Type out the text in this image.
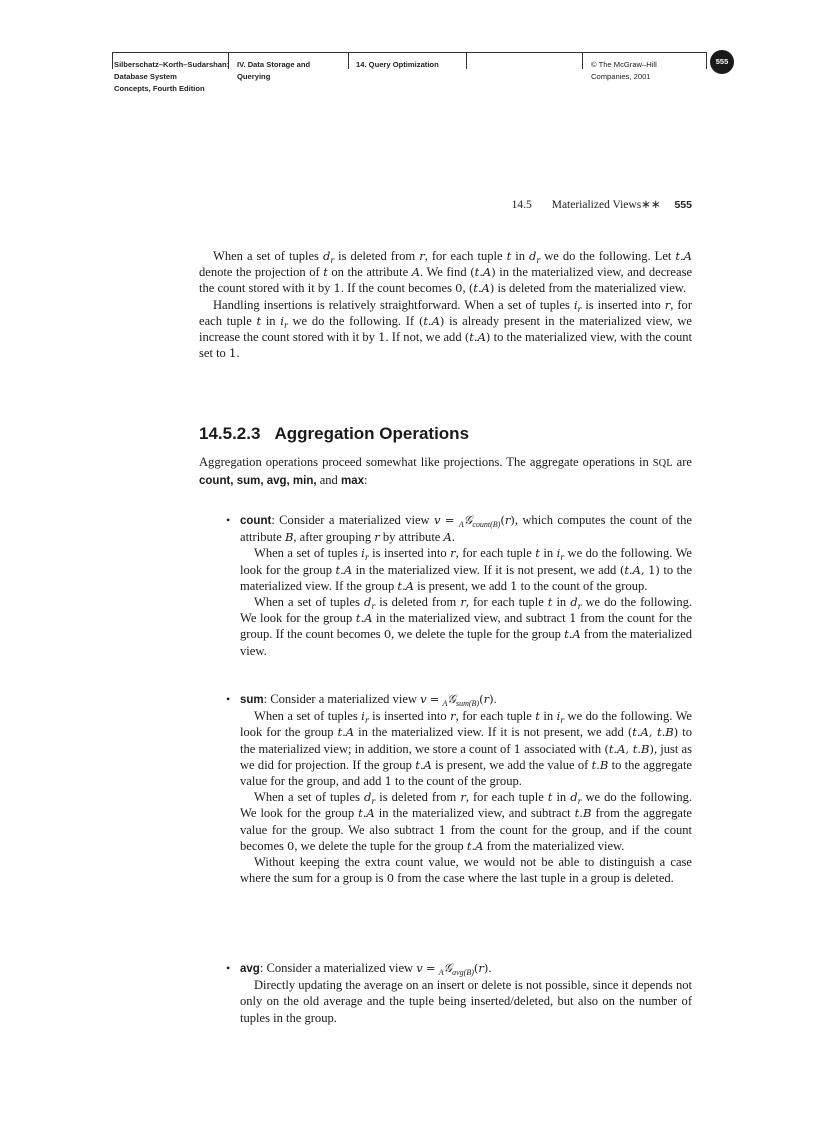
Silberschatz–Korth–Sudarshan:
Database System
Concepts, Fourth Edition
IV. Data Storage and
Querying
14. Query Optimization	© The McGraw–Hill
Companies, 2001
555
14.5 Materialized Views∗∗ 555

When a set of tuples $d_r$ is deleted from r, for each tuple t in $d_r$ we do the following. Let t.A denote the projection of t on the attribute A. We find (t.A) in the materialized view, and decrease the count stored with it by 1. If the count becomes 0, (t.A) is deleted from the materialized view.

Handling insertions is relatively straightforward. When a set of tuples $i_r$ is inserted into r, for each tuple t in $i_r$ we do the following. If (t.A) is already present in the materialized view, we increase the count stored with it by 1. If not, we add (t.A) to the materialized view, with the count set to 1.

14.5.2.3 Aggregation Operations
Aggregation operations proceed somewhat like projections. The aggregate operations in SQL are count, sum, avg, min, and max:
• count: Consider a materialized view v = $_A$𝒢$_{count(B)}$(r), which computes the count of the attribute B, after grouping r by attribute A.

When a set of tuples $i_r$ is inserted into r, for each tuple t in $i_r$ we do the following. We look for the group t.A in the materialized view. If it is not present, we add (t.A, 1) to the materialized view. If the group t.A is present, we add 1 to the count of the group.

When a set of tuples $d_r$ is deleted from r, for each tuple t in $d_r$ we do the following. We look for the group t.A in the materialized view, and subtract 1 from the count for the group. If the count becomes 0, we delete the tuple for the group t.A from the materialized view.

• sum: Consider a materialized view v = $_A$𝒢$_{sum(B)}$(r).

When a set of tuples $i_r$ is inserted into r, for each tuple t in $i_r$ we do the following. We look for the group t.A in the materialized view. If it is not present, we add (t.A, t.B) to the materialized view; in addition, we store a count of 1 associated with (t.A, t.B), just as we did for projection. If the group t.A is present, we add the value of t.B to the aggregate value for the group, and add 1 to the count of the group.

When a set of tuples $d_r$ is deleted from r, for each tuple t in $d_r$ we do the following. We look for the group t.A in the materialized view, and subtract t.B from the aggregate value for the group. We also subtract 1 from the count for the group, and if the count becomes 0, we delete the tuple for the group t.A from the materialized view.

Without keeping the extra count value, we would not be able to distinguish a case where the sum for a group is 0 from the case where the last tuple in a group is deleted.

• avg: Consider a materialized view v = $_A$𝒢$_{avg(B)}$(r).

Directly updating the average on an insert or delete is not possible, since it depends not only on the old average and the tuple being inserted/deleted, but also on the number of tuples in the group.
